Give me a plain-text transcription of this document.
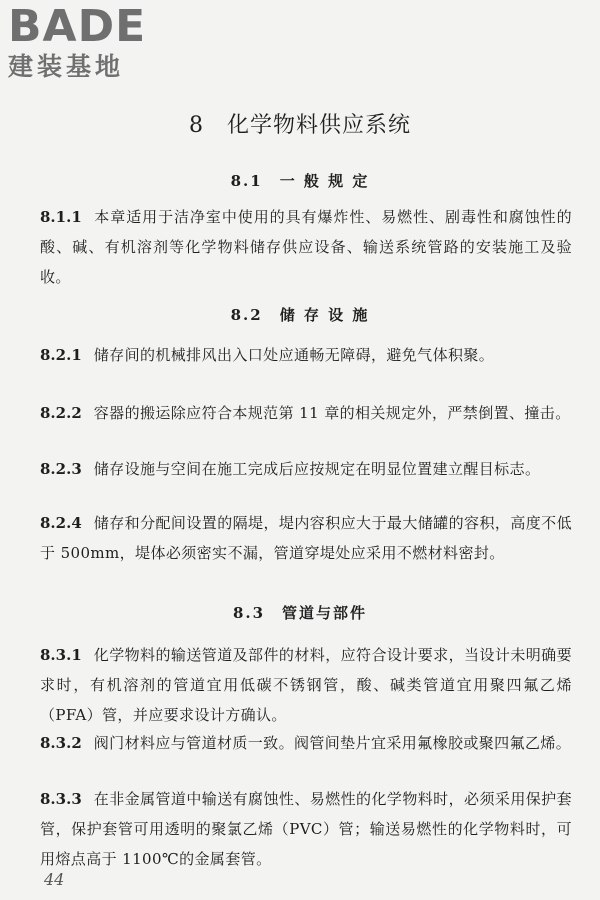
BADE
建装基地
8　化学物料供应系统
8.1　一 般 规 定
8.1.1 本章适用于洁净室中使用的具有爆炸性、易燃性、剧毒性和腐蚀性的酸、碱、有机溶剂等化学物料储存供应设备、输送系统管路的安装施工及验收。
8.2　储 存 设 施
8.2.1 储存间的机械排风出入口处应通畅无障碍，避免气体积聚。
8.2.2 容器的搬运除应符合本规范第 11 章的相关规定外，严禁倒置、撞击。
8.2.3 储存设施与空间在施工完成后应按规定在明显位置建立醒目标志。
8.2.4 储存和分配间设置的隔堤，堤内容积应大于最大储罐的容积，高度不低于 500mm，堤体必须密实不漏，管道穿堤处应采用不燃材料密封。
8.3　管道与部件
8.3.1 化学物料的输送管道及部件的材料，应符合设计要求，当设计未明确要求时，有机溶剂的管道宜用低碳不锈钢管，酸、碱类管道宜用聚四氟乙烯（PFA）管，并应要求设计方确认。
8.3.2 阀门材料应与管道材质一致。阀管间垫片宜采用氟橡胶或聚四氟乙烯。
8.3.3 在非金属管道中输送有腐蚀性、易燃性的化学物料时，必须采用保护套管，保护套管可用透明的聚氯乙烯（PVC）管；输送易燃性的化学物料时，可用熔点高于 1100℃的金属套管。
44
